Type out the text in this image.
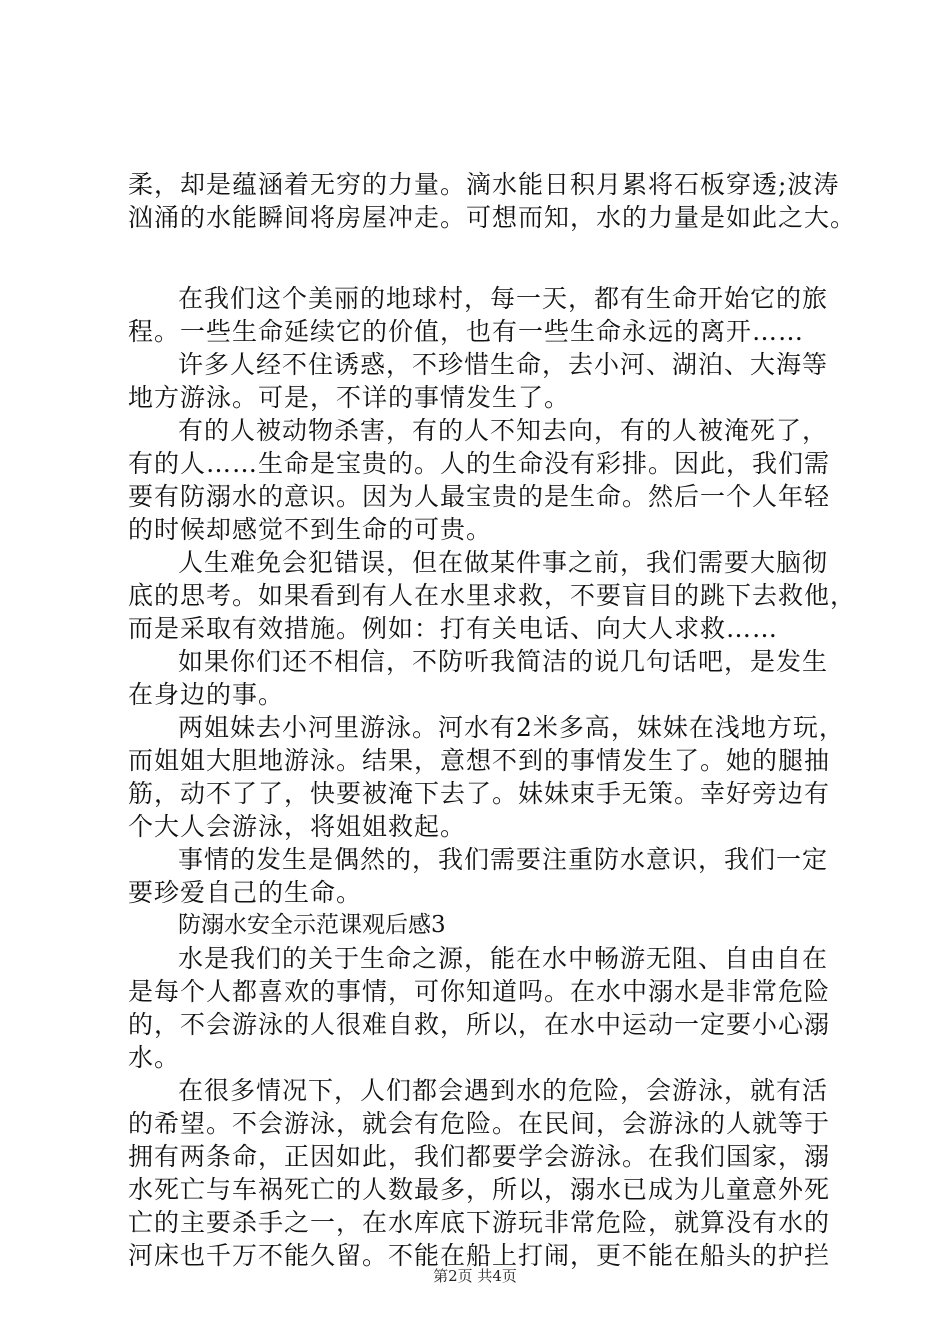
柔，却是蕴涵着无穷的力量。滴水能日积月累将石板穿透;波涛
汹涌的水能瞬间将房屋冲走。可想而知，水的力量是如此之大。
在我们这个美丽的地球村，每一天，都有生命开始它的旅
程。一些生命延续它的价值，也有一些生命永远的离开……
许多人经不住诱惑，不珍惜生命，去小河、湖泊、大海等
地方游泳。可是，不详的事情发生了。
有的人被动物杀害，有的人不知去向，有的人被淹死了，
有的人……生命是宝贵的。人的生命没有彩排。因此，我们需
要有防溺水的意识。因为人最宝贵的是生命。然后一个人年轻
的时候却感觉不到生命的可贵。
人生难免会犯错误，但在做某件事之前，我们需要大脑彻
底的思考。如果看到有人在水里求救，不要盲目的跳下去救他，
而是采取有效措施。例如：打有关电话、向大人求救……
如果你们还不相信，不防听我简洁的说几句话吧，是发生
在身边的事。
两姐妹去小河里游泳。河水有2米多高，妹妹在浅地方玩，
而姐姐大胆地游泳。结果，意想不到的事情发生了。她的腿抽
筋，动不了了，快要被淹下去了。妹妹束手无策。幸好旁边有
个大人会游泳，将姐姐救起。
事情的发生是偶然的，我们需要注重防水意识，我们一定
要珍爱自己的生命。
防溺水安全示范课观后感3
水是我们的关于生命之源，能在水中畅游无阻、自由自在
是每个人都喜欢的事情，可你知道吗。在水中溺水是非常危险
的，不会游泳的人很难自救，所以，在水中运动一定要小心溺
水。
在很多情况下，人们都会遇到水的危险，会游泳，就有活
的希望。不会游泳，就会有危险。在民间，会游泳的人就等于
拥有两条命，正因如此，我们都要学会游泳。在我们国家，溺
水死亡与车祸死亡的人数最多，所以，溺水已成为儿童意外死
亡的主要杀手之一，在水库底下游玩非常危险，就算没有水的
河床也千万不能久留。不能在船上打闹，更不能在船头的护拦
第2页 共4页
